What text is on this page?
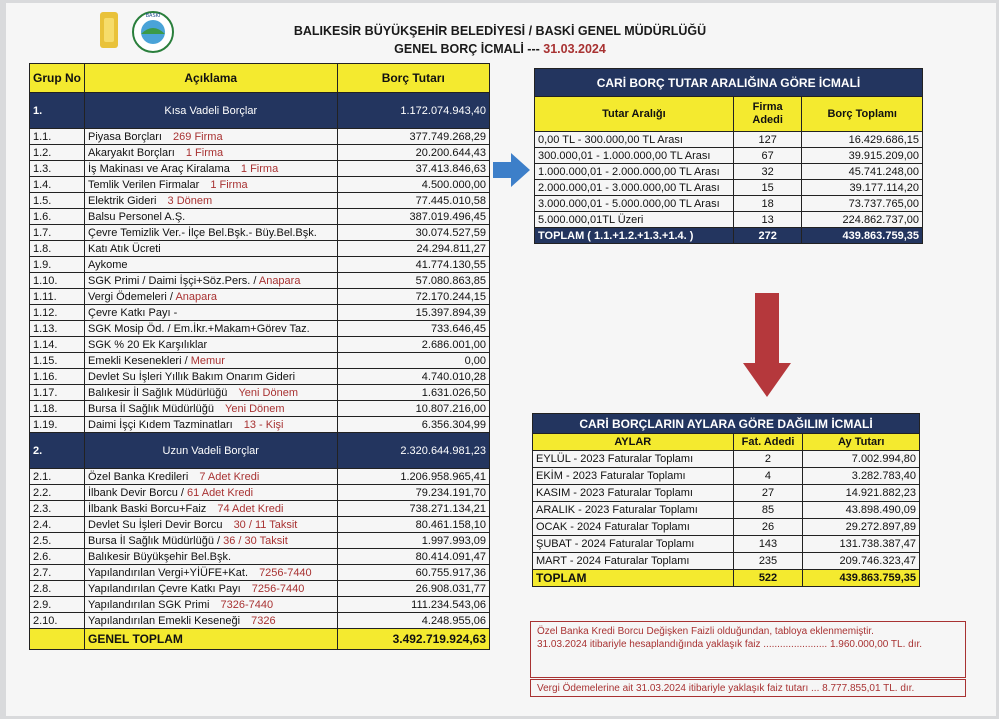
BASKİ
BALIKESİR BÜYÜKŞEHİR BELEDİYESİ / BASKİ GENEL MÜDÜRLÜĞÜ
GENEL BORÇ İCMALİ --- 31.03.2024
Grup No	Açıklama	Borç Tutarı
1.	Kısa Vadeli Borçlar	1.172.074.943,40
1.1.	Piyasa Borçları 269 Firma	377.749.268,29
1.2.	Akaryakıt Borçları 1 Firma	20.200.644,43
1.3.	İş Makinası ve Araç Kiralama 1 Firma	37.413.846,63
1.4.	Temlik Verilen Firmalar 1 Firma	4.500.000,00
1.5.	Elektrik Gideri 3 Dönem	77.445.010,58
1.6.	Balsu Personel A.Ş.	387.019.496,45
1.7.	Çevre Temizlik Ver.- İlçe Bel.Bşk.- Büy.Bel.Bşk.	30.074.527,59
1.8.	Katı Atık Ücreti	24.294.811,27
1.9.	Aykome	41.774.130,55
1.10.	SGK Primi / Daimi İşçi+Söz.Pers. / Anapara	57.080.863,85
1.11.	Vergi Ödemeleri / Anapara	72.170.244,15
1.12.	Çevre Katkı Payı -	15.397.894,39
1.13.	SGK Mosip Öd. / Em.İkr.+Makam+Görev Taz.	733.646,45
1.14.	SGK % 20 Ek Karşılıklar	2.686.001,00
1.15.	Emekli Kesenekleri / Memur	0,00
1.16.	Devlet Su İşleri Yıllık Bakım Onarım Gideri	4.740.010,28
1.17.	Balıkesir İl Sağlık Müdürlüğü Yeni Dönem	1.631.026,50
1.18.	Bursa İl Sağlık Müdürlüğü Yeni Dönem	10.807.216,00
1.19.	Daimi İşçi Kıdem Tazminatları 13 - Kişi	6.356.304,99
2.	Uzun Vadeli Borçlar	2.320.644.981,23
2.1.	Özel Banka Kredileri 7 Adet Kredi	1.206.958.965,41
2.2.	İlbank Devir Borcu / 61 Adet Kredi	79.234.191,70
2.3.	İlbank Baski Borcu+Faiz 74 Adet Kredi	738.271.134,21
2.4.	Devlet Su İşleri Devir Borcu 30 / 11 Taksit	80.461.158,10
2.5.	Bursa İl Sağlık Müdürlüğü / 36 / 30 Taksit	1.997.993,09
2.6.	Balıkesir Büyükşehir Bel.Bşk.	80.414.091,47
2.7.	Yapılandırılan Vergi+YİÜFE+Kat. 7256-7440	60.755.917,36
2.8.	Yapılandırılan Çevre Katkı Payı 7256-7440	26.908.031,77
2.9.	Yapılandırılan SGK Primi 7326-7440	111.234.543,06
2.10.	Yapılandırılan Emekli Keseneği 7326	4.248.955,06
	GENEL TOPLAM	3.492.719.924,63
CARİ BORÇ TUTAR ARALIĞINA GÖRE İCMALİ		
Tutar Aralığı	Firma Adedi	Borç Toplamı
0,00 TL - 300.000,00 TL Arası	127	16.429.686,15
300.000,01 - 1.000.000,00 TL Arası	67	39.915.209,00
1.000.000,01 - 2.000.000,00 TL Arası	32	45.741.248,00
2.000.000,01 - 3.000.000,00 TL Arası	15	39.177.114,20
3.000.000,01 - 5.000.000,00 TL Arası	18	73.737.765,00
5.000.000,01TL Üzeri	13	224.862.737,00
TOPLAM ( 1.1.+1.2.+1.3.+1.4. )	272	439.863.759,35
CARİ BORÇLARIN AYLARA GÖRE DAĞILIM İCMALİ		
AYLAR	Fat. Adedi	Ay Tutarı
EYLÜL - 2023 Faturalar Toplamı	2	7.002.994,80
EKİM - 2023 Faturalar Toplamı	4	3.282.783,40
KASIM - 2023 Faturalar Toplamı	27	14.921.882,23
ARALIK - 2023 Faturalar Toplamı	85	43.898.490,09
OCAK - 2024 Faturalar Toplamı	26	29.272.897,89
ŞUBAT - 2024 Faturalar Toplamı	143	131.738.387,47
MART - 2024 Faturalar Toplamı	235	209.746.323,47
TOPLAM	522	439.863.759,35
Özel Banka Kredi Borcu Değişken Faizli olduğundan, tabloya eklenmemiştir.
31.03.2024 itibariyle hesaplandığında yaklaşık faiz ....................... 1.960.000,00 TL. dır.
Vergi Ödemelerine ait 31.03.2024 itibariyle yaklaşık faiz tutarı ... 8.777.855,01 TL. dır.
